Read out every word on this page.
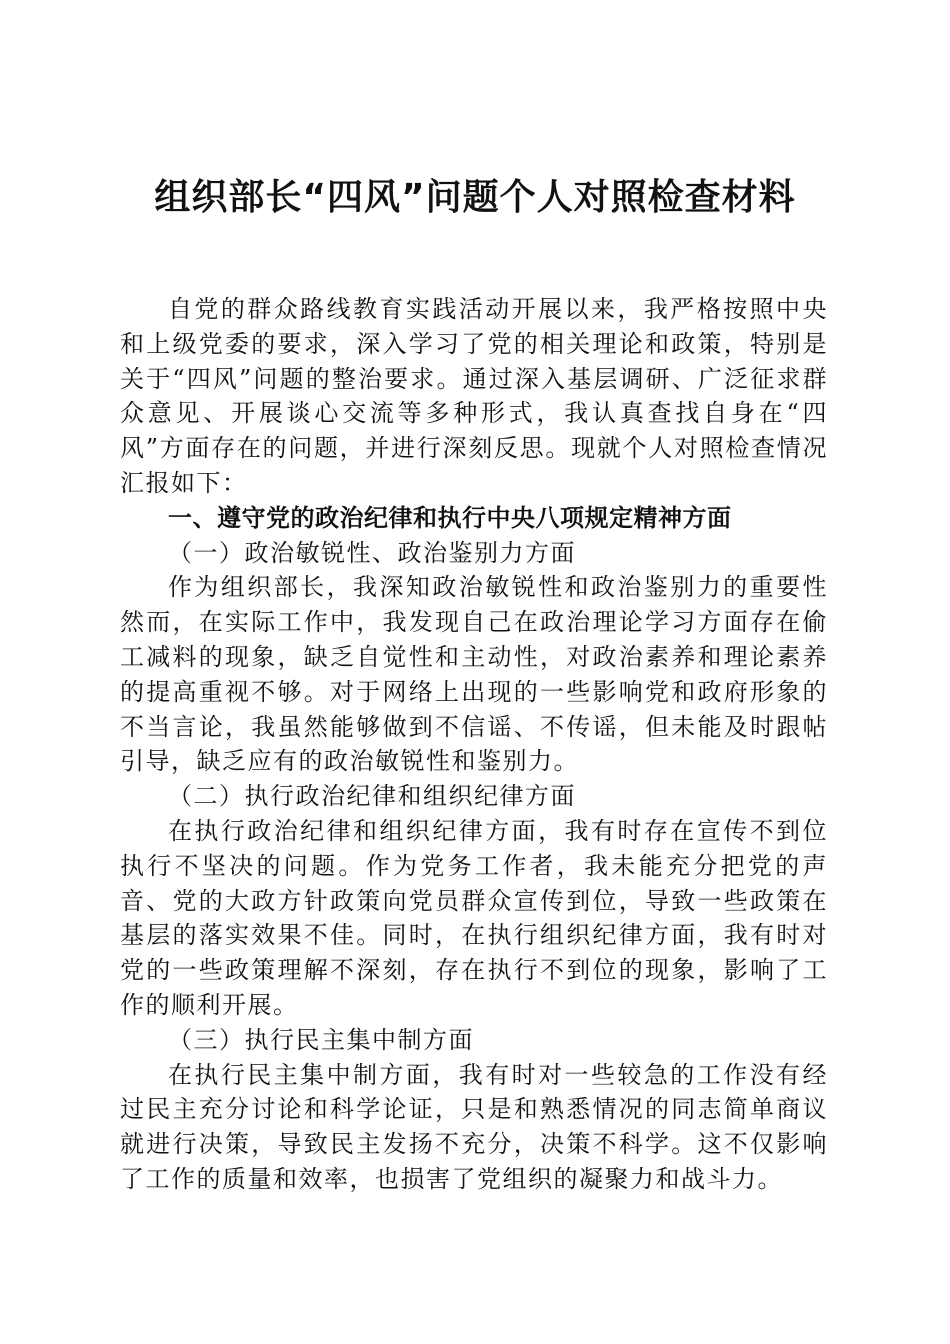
组织部长“四风”问题个人对照检查材料

自党的群众路线教育实践活动开展以来，我严格按照中央和上级党委的要求，深入学习了党的相关理论和政策，特别是关于“四风”问题的整治要求。通过深入基层调研、广泛征求群众意见、开展谈心交流等多种形式，我认真查找自身在“四风”方面存在的问题，并进行深刻反思。现就个人对照检查情况汇报如下：

一、遵守党的政治纪律和执行中央八项规定精神方面

（一）政治敏锐性、政治鉴别力方面

作为组织部长，我深知政治敏锐性和政治鉴别力的重要性然而，在实际工作中，我发现自己在政治理论学习方面存在偷工减料的现象，缺乏自觉性和主动性，对政治素养和理论素养的提高重视不够。对于网络上出现的一些影响党和政府形象的不当言论，我虽然能够做到不信谣、不传谣，但未能及时跟帖引导，缺乏应有的政治敏锐性和鉴别力。

（二）执行政治纪律和组织纪律方面

在执行政治纪律和组织纪律方面，我有时存在宣传不到位执行不坚决的问题。作为党务工作者，我未能充分把党的声音、党的大政方针政策向党员群众宣传到位，导致一些政策在基层的落实效果不佳。同时，在执行组织纪律方面，我有时对党的一些政策理解不深刻，存在执行不到位的现象，影响了工作的顺利开展。

（三）执行民主集中制方面

在执行民主集中制方面，我有时对一些较急的工作没有经过民主充分讨论和科学论证，只是和熟悉情况的同志简单商议就进行决策，导致民主发扬不充分，决策不科学。这不仅影响了工作的质量和效率，也损害了党组织的凝聚力和战斗力。
